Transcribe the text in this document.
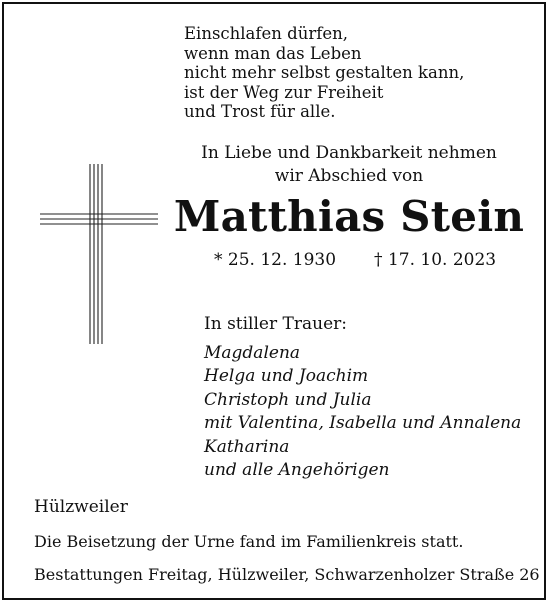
Einschlafen dürfen,
wenn man das Leben
nicht mehr selbst gestalten kann,
ist der Weg zur Freiheit
und Trost für alle.
In Liebe und Dankbarkeit nehmen
wir Abschied von
Matthias Stein
* 25. 12. 1930 † 17. 10. 2023
In stiller Trauer:
Magdalena
Helga und Joachim
Christoph und Julia
mit Valentina, Isabella und Annalena
Katharina
und alle Angehörigen
Hülzweiler
Die Beisetzung der Urne fand im Familienkreis statt.
Bestattungen Freitag, Hülzweiler, Schwarzenholzer Straße 26
